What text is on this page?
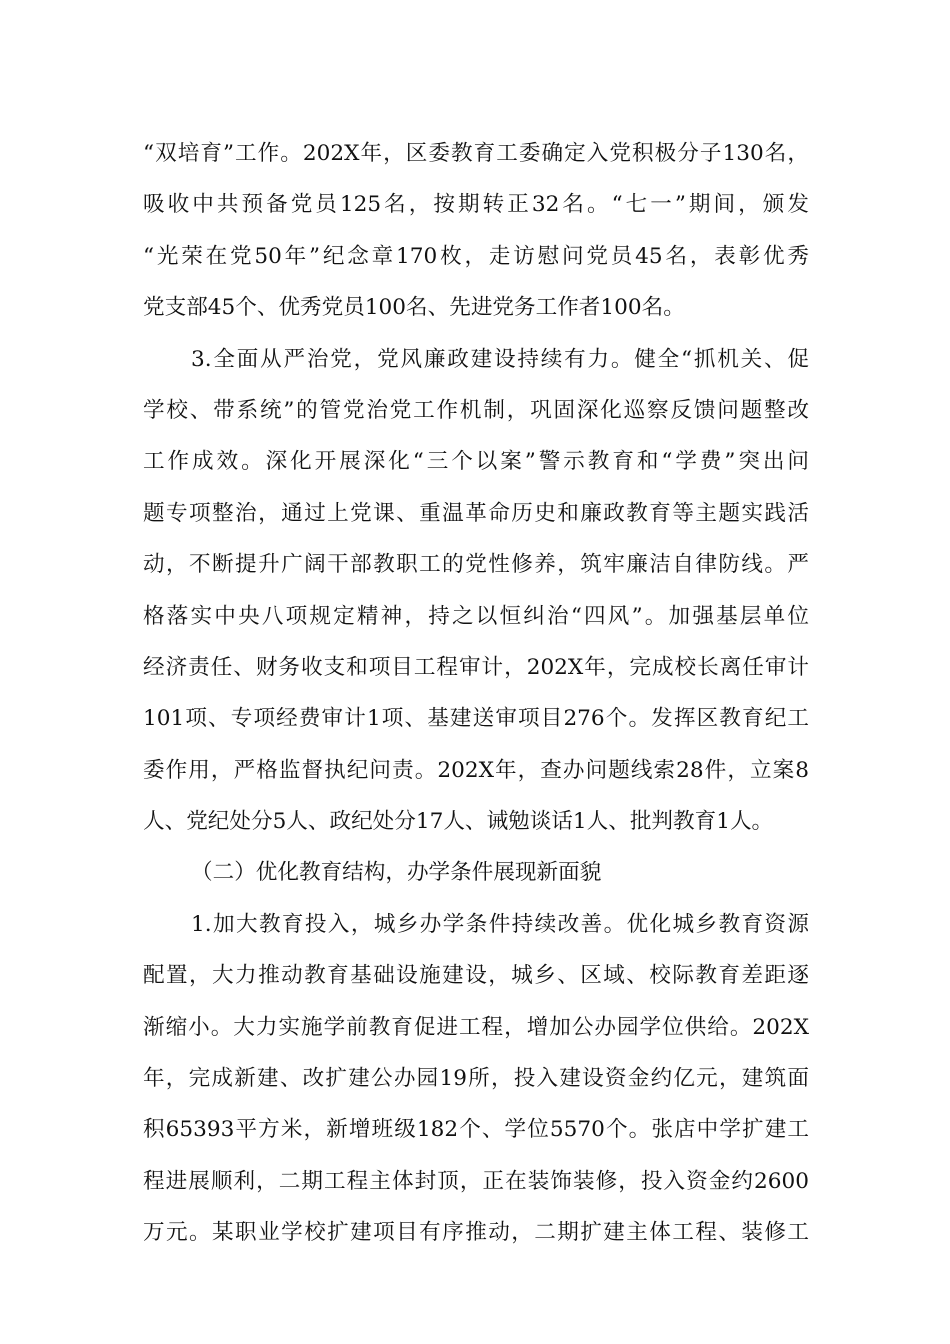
“双培育”工作。202X年，区委教育工委确定入党积极分子130名，
吸收中共预备党员125名，按期转正32名。“七一”期间，颁发
“光荣在党50年”纪念章170枚，走访慰问党员45名，表彰优秀
党支部45个、优秀党员100名、先进党务工作者100名。
3.全面从严治党，党风廉政建设持续有力。健全“抓机关、促
学校、带系统”的管党治党工作机制，巩固深化巡察反馈问题整改
工作成效。深化开展深化“三个以案”警示教育和“学费”突出问
题专项整治，通过上党课、重温革命历史和廉政教育等主题实践活
动，不断提升广阔干部教职工的党性修养，筑牢廉洁自律防线。严
格落实中央八项规定精神，持之以恒纠治“四风”。加强基层单位
经济责任、财务收支和项目工程审计，202X年，完成校长离任审计
101项、专项经费审计1项、基建送审项目276个。发挥区教育纪工
委作用，严格监督执纪问责。202X年，查办问题线索28件，立案8
人、党纪处分5人、政纪处分17人、诫勉谈话1人、批判教育1人。
（二）优化教育结构，办学条件展现新面貌
1.加大教育投入，城乡办学条件持续改善。优化城乡教育资源
配置，大力推动教育基础设施建设，城乡、区域、校际教育差距逐
渐缩小。大力实施学前教育促进工程，增加公办园学位供给。202X
年，完成新建、改扩建公办园19所，投入建设资金约亿元，建筑面
积65393平方米，新增班级182个、学位5570个。张店中学扩建工
程进展顺利，二期工程主体封顶，正在装饰装修，投入资金约2600
万元。某职业学校扩建项目有序推动，二期扩建主体工程、装修工
